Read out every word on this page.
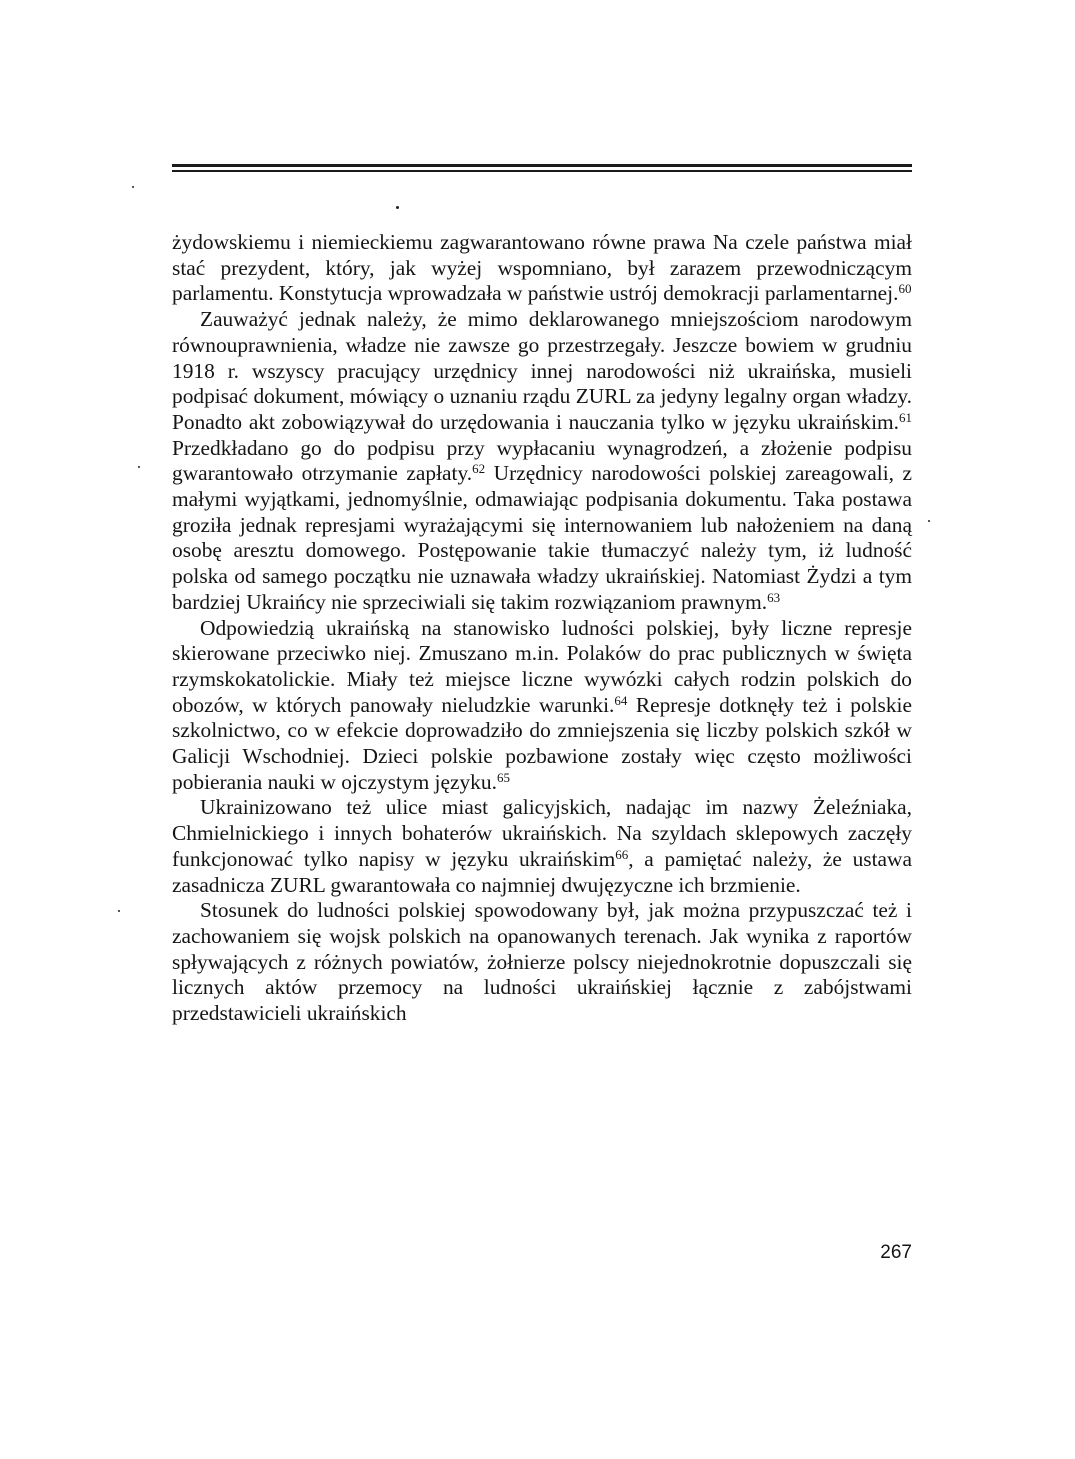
żydowskiemu i niemieckiemu zagwarantowano równe prawa Na czele państwa miał stać prezydent, który, jak wyżej wspomniano, był zarazem przewodniczącym parlamentu. Konstytucja wprowadzała w państwie ustrój demokracji parlamentarnej.$^{60}$

Zauważyć jednak należy, że mimo deklarowanego mniejszościom narodowym równouprawnienia, władze nie zawsze go przestrzegały. Jeszcze bowiem w grudniu 1918 r. wszyscy pracujący urzędnicy innej narodowości niż ukraińska, musieli podpisać dokument, mówiący o uznaniu rządu ZURL za jedyny legalny organ władzy. Ponadto akt zobowiązywał do urzędowania i nauczania tylko w języku ukraińskim.$^{61}$ Przedkładano go do podpisu przy wypłacaniu wynagrodzeń, a złożenie podpisu gwarantowało otrzymanie zapłaty.$^{62}$ Urzędnicy narodowości polskiej zareagowali, z małymi wyjątkami, jednomyślnie, odmawiając podpisania dokumentu. Taka postawa groziła jednak represjami wyrażającymi się internowaniem lub nałożeniem na daną osobę aresztu domowego. Postępowanie takie tłumaczyć należy tym, iż ludność polska od samego początku nie uznawała władzy ukraińskiej. Natomiast Żydzi a tym bardziej Ukraińcy nie sprzeciwiali się takim rozwiązaniom prawnym.$^{63}$

Odpowiedzią ukraińską na stanowisko ludności polskiej, były liczne represje skierowane przeciwko niej. Zmuszano m.in. Polaków do prac publicznych w święta rzymskokatolickie. Miały też miejsce liczne wywózki całych rodzin polskich do obozów, w których panowały nieludzkie warunki.$^{64}$ Represje dotknęły też i polskie szkolnictwo, co w efekcie doprowadziło do zmniejszenia się liczby polskich szkół w Galicji Wschodniej. Dzieci polskie pozbawione zostały więc często możliwości pobierania nauki w ojczystym języku.$^{65}$

Ukrainizowano też ulice miast galicyjskich, nadając im nazwy Żeleźniaka, Chmielnickiego i innych bohaterów ukraińskich. Na szyldach sklepowych zaczęły funkcjonować tylko napisy w języku ukraińskim$^{66}$, a pamiętać należy, że ustawa zasadnicza ZURL gwarantowała co najmniej dwujęzyczne ich brzmienie.

Stosunek do ludności polskiej spowodowany był, jak można przypuszczać też i zachowaniem się wojsk polskich na opanowanych terenach. Jak wynika z raportów spływających z różnych powiatów, żołnierze polscy niejednokrotnie dopuszczali się licznych aktów przemocy na ludności ukraińskiej łącznie z zabójstwami przedstawicieli ukraińskich

267
